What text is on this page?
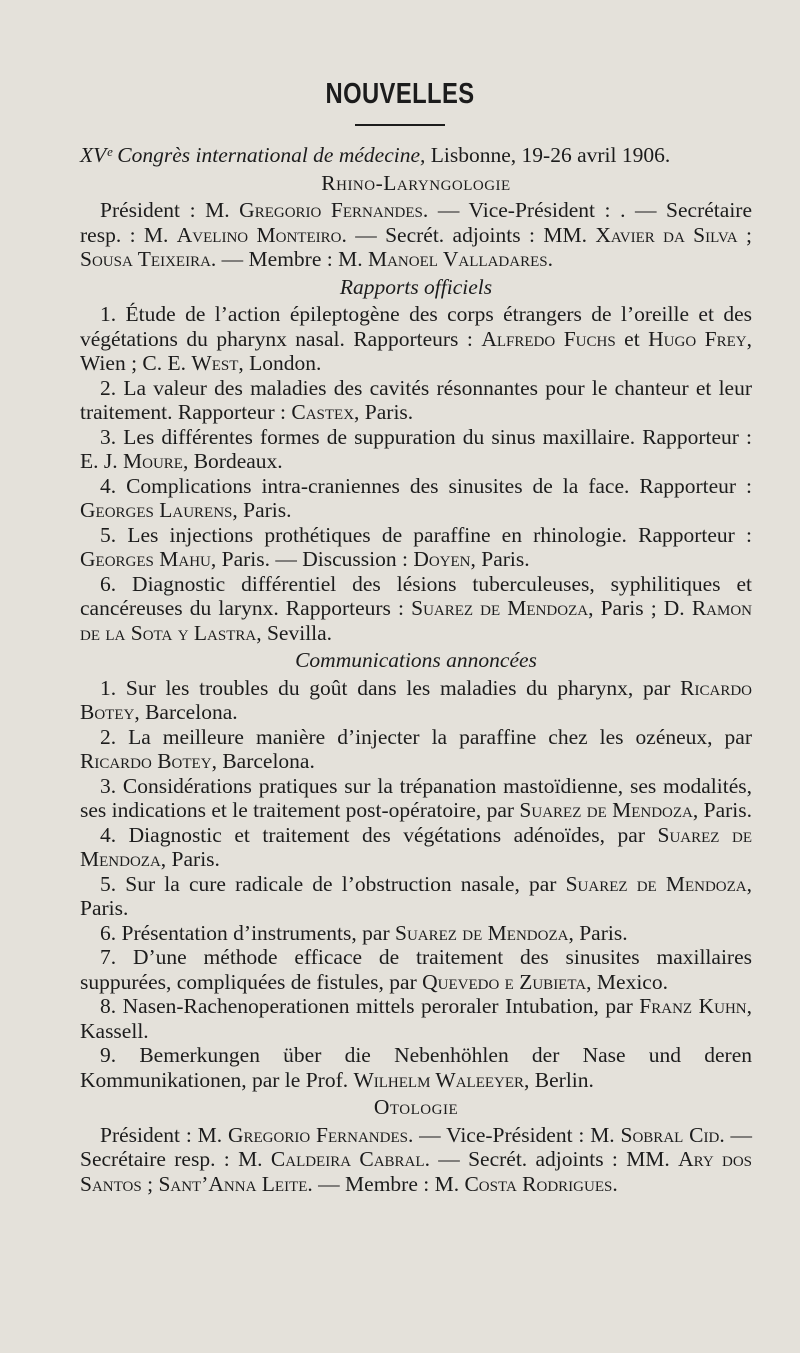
NOUVELLES

XVᵉ Congrès international de médecine, Lisbonne, 19-26 avril 1906.

Rhino-Laryngologie

Président : M. Gregorio Fernandes. — Vice-Président : . — Secrétaire resp. : M. Avelino Monteiro. — Secrét. adjoints : MM. Xavier da Silva ; Sousa Teixeira. — Membre : M. Manoel Valladares.

Rapports officiels

1. Étude de l’action épileptogène des corps étrangers de l’oreille et des végétations du pharynx nasal. Rapporteurs : Alfredo Fuchs et Hugo Frey, Wien ; C. E. West, London.

2. La valeur des maladies des cavités résonnantes pour le chanteur et leur traitement. Rapporteur : Castex, Paris.

3. Les différentes formes de suppuration du sinus maxillaire. Rapporteur : E. J. Moure, Bordeaux.

4. Complications intra-craniennes des sinusites de la face. Rapporteur : Georges Laurens, Paris.

5. Les injections prothétiques de paraffine en rhinologie. Rapporteur : Georges Mahu, Paris. — Discussion : Doyen, Paris.

6. Diagnostic différentiel des lésions tuberculeuses, syphilitiques et cancéreuses du larynx. Rapporteurs : Suarez de Mendoza, Paris ; D. Ramon de la Sota y Lastra, Sevilla.

Communications annoncées

1. Sur les troubles du goût dans les maladies du pharynx, par Ricardo Botey, Barcelona.

2. La meilleure manière d’injecter la paraffine chez les ozéneux, par Ricardo Botey, Barcelona.

3. Considérations pratiques sur la trépanation mastoïdienne, ses modalités, ses indications et le traitement post-opératoire, par Suarez de Mendoza, Paris.

4. Diagnostic et traitement des végétations adénoïdes, par Suarez de Mendoza, Paris.

5. Sur la cure radicale de l’obstruction nasale, par Suarez de Mendoza, Paris.

6. Présentation d’instruments, par Suarez de Mendoza, Paris.

7. D’une méthode efficace de traitement des sinusites maxillaires suppurées, compliquées de fistules, par Quevedo e Zubieta, Mexico.

8. Nasen-Rachenoperationen mittels peroraler Intubation, par Franz Kuhn, Kassell.

9. Bemerkungen über die Nebenhöhlen der Nase und deren Kommunikationen, par le Prof. Wilhelm Waleeyer, Berlin.

Otologie

Président : M. Gregorio Fernandes. — Vice-Président : M. Sobral Cid. — Secrétaire resp. : M. Caldeira Cabral. — Secrét. adjoints : MM. Ary dos Santos ; Sant’Anna Leite. — Membre : M. Costa Rodrigues.
